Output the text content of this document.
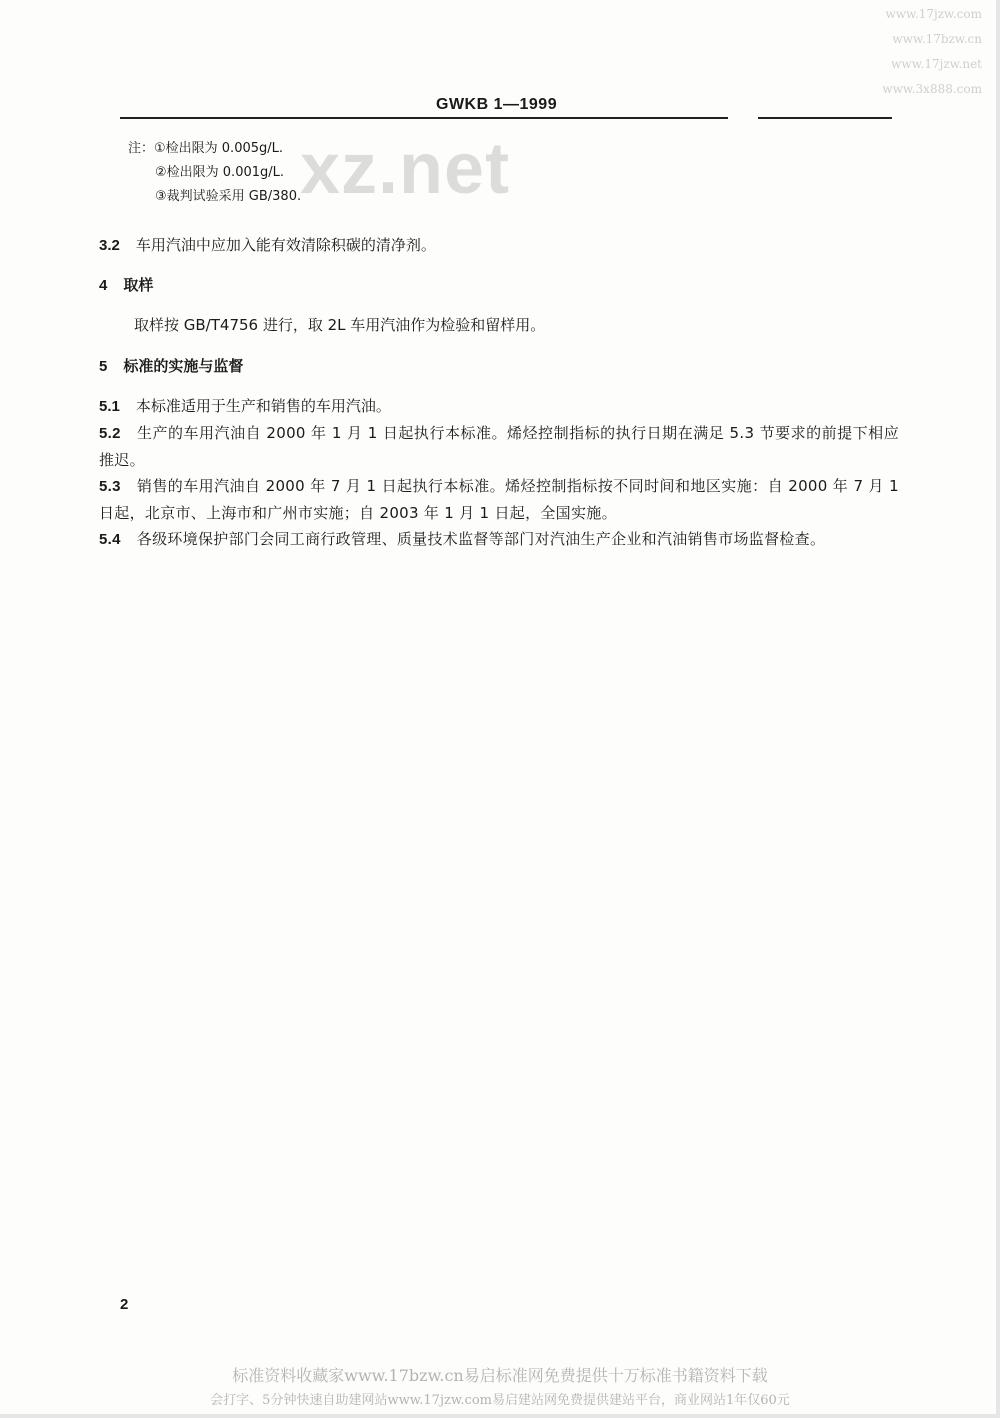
www.17jzw.com
www.17bzw.cn
www.17jzw.net
www.3x888.com
xz.net
GWKB 1—1999
注：①检出限为 0.005g/L.
②检出限为 0.001g/L.
③裁判试验采用 GB/380.
3.2 车用汽油中应加入能有效清除积碳的清净剂。
4 取样
取样按 GB/T4756 进行，取 2L 车用汽油作为检验和留样用。
5 标准的实施与监督
5.1 本标准适用于生产和销售的车用汽油。
5.2 生产的车用汽油自 2000 年 1 月 1 日起执行本标准。烯烃控制指标的执行日期在满足 5.3 节要求的前提下相应推迟。
5.3 销售的车用汽油自 2000 年 7 月 1 日起执行本标准。烯烃控制指标按不同时间和地区实施：自 2000 年 7 月 1 日起，北京市、上海市和广州市实施；自 2003 年 1 月 1 日起，全国实施。
5.4 各级环境保护部门会同工商行政管理、质量技术监督等部门对汽油生产企业和汽油销售市场监督检查。
2
标准资料收藏家www.17bzw.cn易启标准网免费提供十万标准书籍资料下载
会打字、5分钟快速自助建网站www.17jzw.com易启建站网免费提供建站平台，商业网站1年仅60元
